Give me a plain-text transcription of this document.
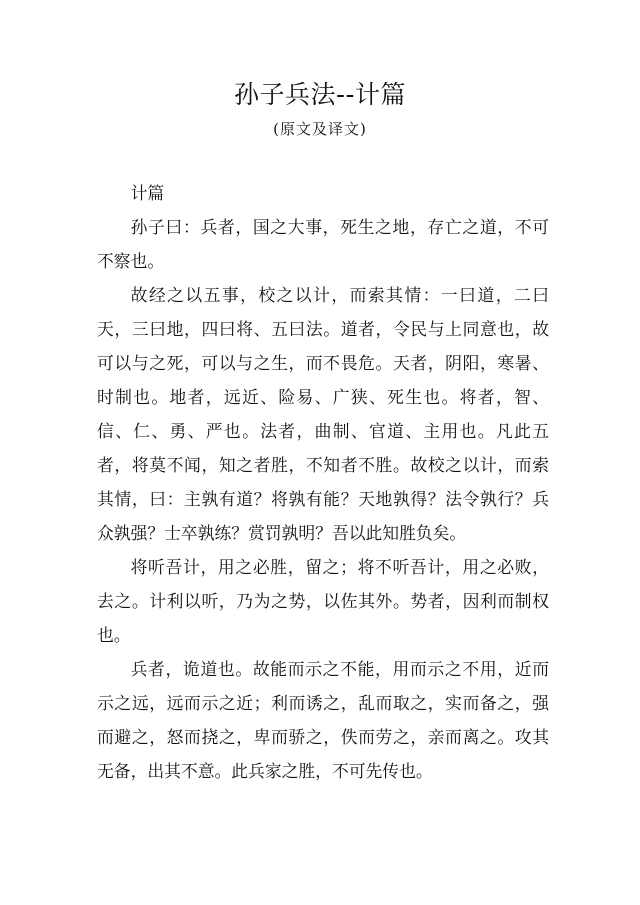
孙子兵法--计篇
(原文及译文)

计篇

孙子曰：兵者，国之大事，死生之地，存亡之道，不可不察也。

故经之以五事，校之以计，而索其情：一曰道，二曰天，三曰地，四曰将、五曰法。道者，令民与上同意也，故可以与之死，可以与之生，而不畏危。天者，阴阳，寒暑、时制也。地者，远近、险易、广狭、死生也。将者，智、信、仁、勇、严也。法者，曲制、官道、主用也。凡此五者，将莫不闻，知之者胜，不知者不胜。故校之以计，而索其情，曰：主孰有道？将孰有能？天地孰得？法令孰行？兵众孰强？士卒孰练？赏罚孰明？吾以此知胜负矣。

将听吾计，用之必胜，留之；将不听吾计，用之必败，去之。计利以听，乃为之势，以佐其外。势者，因利而制权也。

兵者，诡道也。故能而示之不能，用而示之不用，近而示之远，远而示之近；利而诱之，乱而取之，实而备之，强而避之，怒而挠之，卑而骄之，佚而劳之，亲而离之。攻其无备，出其不意。此兵家之胜，不可先传也。
